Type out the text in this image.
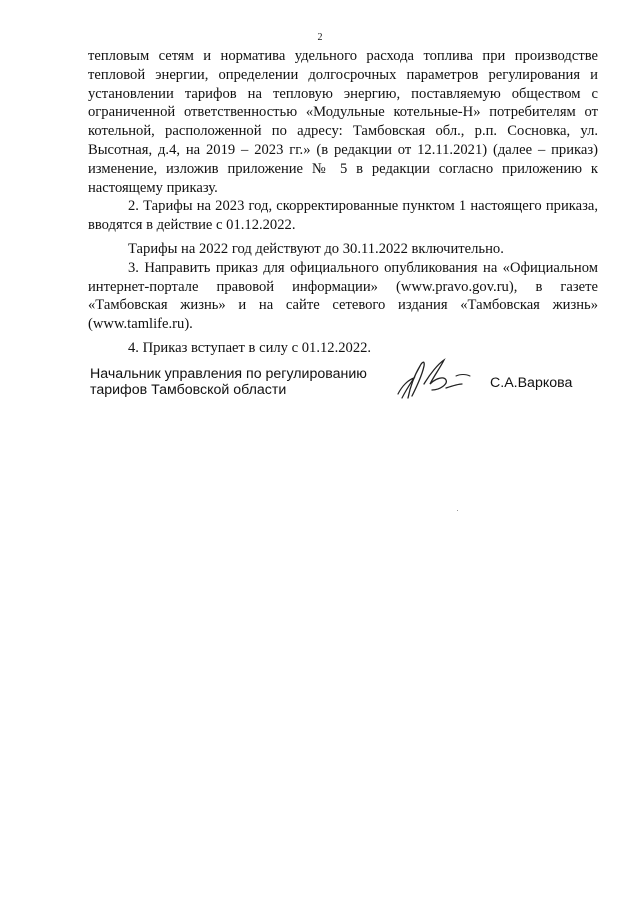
2

тепловым сетям и норматива удельного расхода топлива при производстве тепловой энергии, определении долгосрочных параметров регулирования и установлении тарифов на тепловую энергию, поставляемую обществом с ограниченной ответственностью «Модульные котельные-Н» потребителям от котельной, расположенной по адресу: Тамбовская обл., р.п. Сосновка, ул. Высотная, д.4, на 2019 – 2023 гг.» (в редакции от 12.11.2021) (далее – приказ) изменение, изложив приложение № 5 в редакции согласно приложению к настоящему приказу.

2. Тарифы на 2023 год, скорректированные пунктом 1 настоящего приказа, вводятся в действие с 01.12.2022.

Тарифы на 2022 год действуют до 30.11.2022 включительно.

3. Направить приказ для официального опубликования на «Официальном интернет-портале правовой информации» (www.pravo.gov.ru), в газете «Тамбовская жизнь» и на сайте сетевого издания «Тамбовская жизнь» (www.tamlife.ru).

4. Приказ вступает в силу с 01.12.2022.

Начальник управления по регулированию
тарифов Тамбовской области	С.А.Варкова
